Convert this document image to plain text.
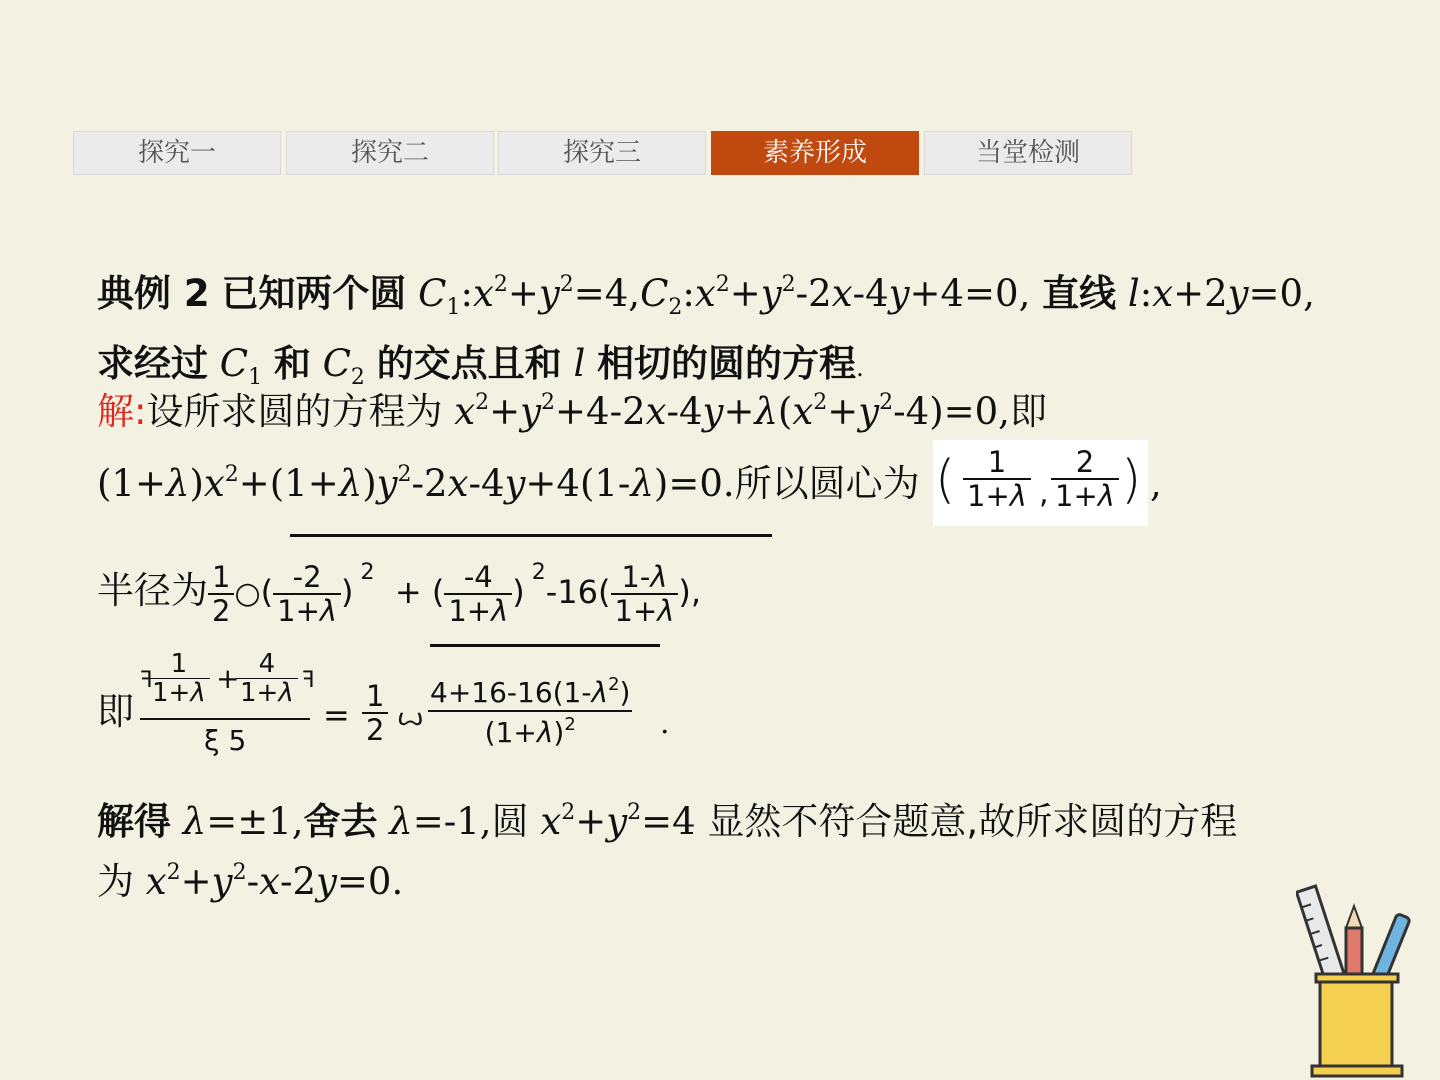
探究一	探究二	探究三	素养形成	当堂检测
典例 2 已知两个圆 $C_1:x^2+y^2=4,C_2:x^2+y^2-2x-4y+4=0$, 直线 l:x+2y=0,
求经过 $C_1$ 和 $C_2$ 的交点且和 l 相切的圆的方程.
解:设所求圆的方程为 $x^2+y^2+4-2x-4y+\lambda(x^2+y^2-4)=0$,即
$(1+\lambda)x^2+(1+\lambda)y^2-2x-4y+4(1-\lambda)=0$.所以圆心为 ( $\frac{1}{1+\lambda}$ , $\frac{2}{1+\lambda}$ ) ,
半径为 $\frac{1}{2}$ ○( $\frac{-2}{1+\lambda}$ ) $^2$  + ( $\frac{-4}{1+\lambda}$ ) $^2-16( \frac{1-\lambda}{1+\lambda}$ ),
即
ꟻ
$\frac{1}{1+\lambda}$ +
$\frac{4}{1+\lambda}$ ꟻ
ξ 5
= $\frac{1}{2}$ ꙍ
$4+16-16(1-\lambda^2)$
$(1+\lambda)^2$	.
解得 λ=±1,舍去 λ=-1,圆 $x^2+y^2=4$ 显然不符合题意,故所求圆的方程
为 $x^2+y^2-x-2y=0$.
